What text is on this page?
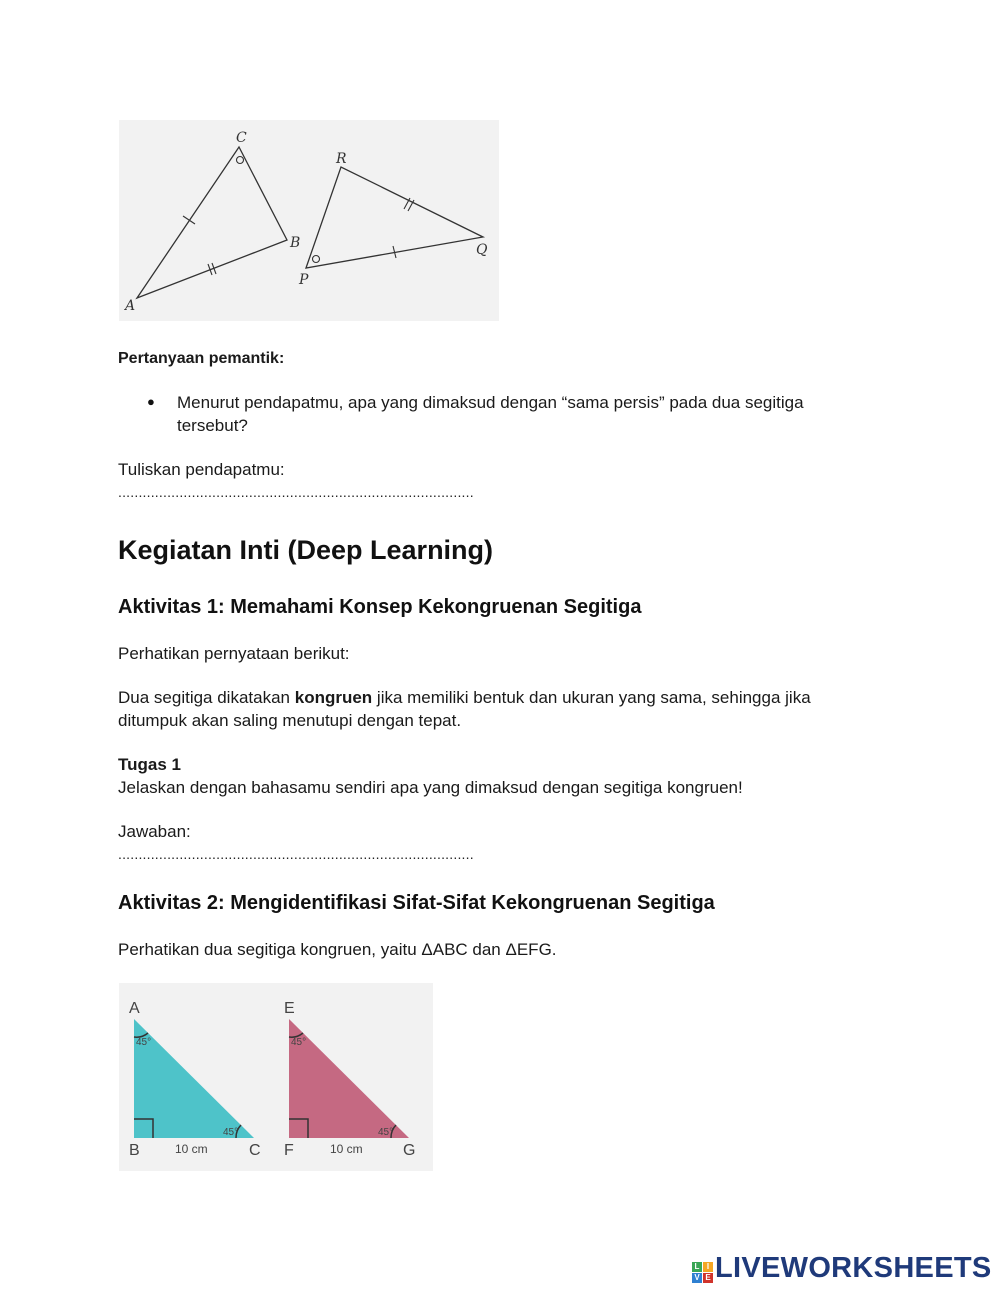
C
B
A
R
Q
P
Pertanyaan pemantik:
● Menurut pendapatmu, apa yang dimaksud dengan “sama persis” pada dua segitiga
tersebut?
Tuliskan pendapatmu:
.......................................................................................
Kegiatan Inti (Deep Learning)
Aktivitas 1: Memahami Konsep Kekongruenan Segitiga
Perhatikan pernyataan berikut:
Dua segitiga dikatakan kongruen jika memiliki bentuk dan ukuran yang sama, sehingga jika
ditumpuk akan saling menutupi dengan tepat.
Tugas 1
Jelaskan dengan bahasamu sendiri apa yang dimaksud dengan segitiga kongruen!
Jawaban:
.......................................................................................
Aktivitas 2: Mengidentifikasi Sifat-Sifat Kekongruenan Segitiga
Perhatikan dua segitiga kongruen, yaitu ΔABC dan ΔEFG.
45°
45°
A
B	C
10 cm
45°
45°
E
F	G
10 cm
L I
V E LIVEWORKSHEETS
